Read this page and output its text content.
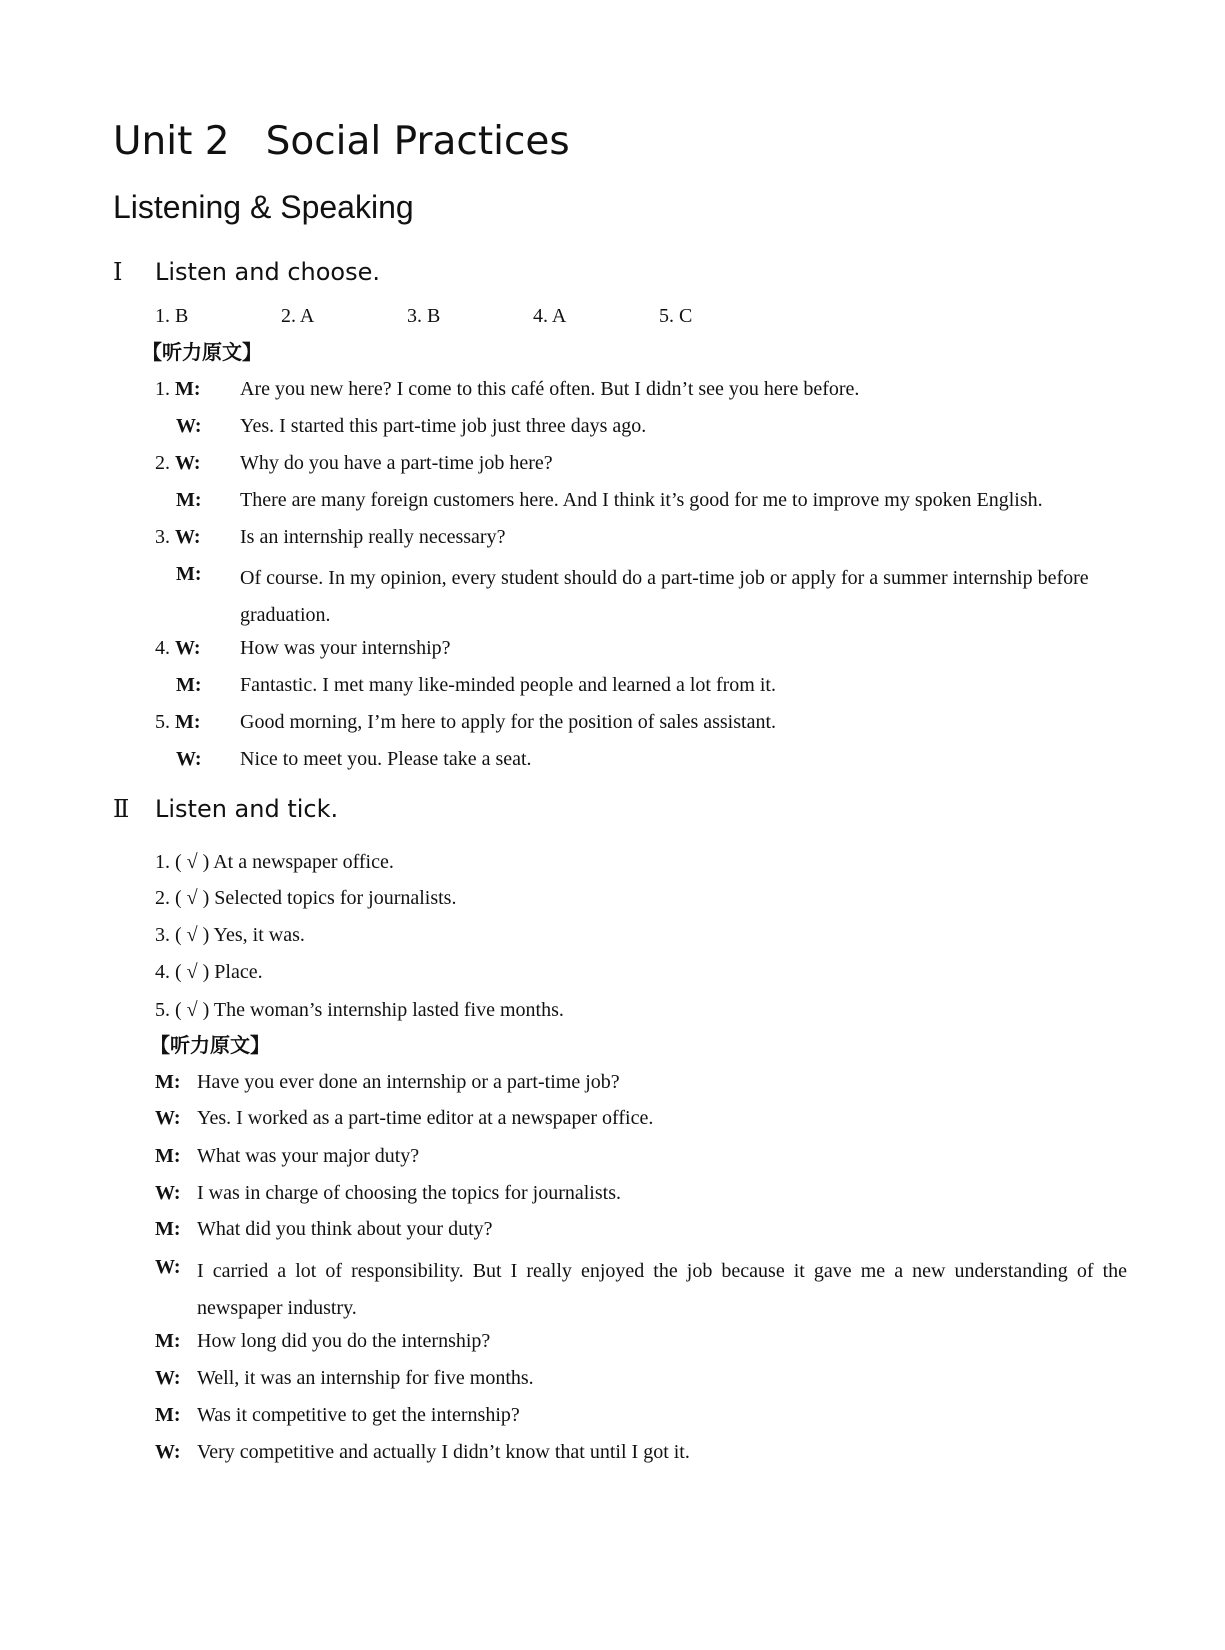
Unit 2 Social Practices
Listening & Speaking
Ⅰ Listen and choose.
1. B	2. A	3. B	4. A	5. C
【听力原文】
1. M: Are you new here? I come to this café often. But I didn’t see you here before.
W: Yes. I started this part-time job just three days ago.
2. W: Why do you have a part-time job here?
M: There are many foreign customers here. And I think it’s good for me to improve my spoken English.
3. W: Is an internship really necessary?
M: Of course. In my opinion, every student should do a part-time job or apply for a summer internship before graduation.
4. W: How was your internship?
M: Fantastic. I met many like-minded people and learned a lot from it.
5. M: Good morning, I’m here to apply for the position of sales assistant.
W: Nice to meet you. Please take a seat.
Ⅱ Listen and tick.
1. ( √ ) At a newspaper office.
2. ( √ ) Selected topics for journalists.
3. ( √ ) Yes, it was.
4. ( √ ) Place.
5. ( √ ) The woman’s internship lasted five months.
【听力原文】
M: Have you ever done an internship or a part-time job?
W: Yes. I worked as a part-time editor at a newspaper office.
M: What was your major duty?
W: I was in charge of choosing the topics for journalists.
M: What did you think about your duty?
W: I carried a lot of responsibility. But I really enjoyed the job because it gave me a new understanding of the newspaper industry.
M: How long did you do the internship?
W: Well, it was an internship for five months.
M: Was it competitive to get the internship?
W: Very competitive and actually I didn’t know that until I got it.
